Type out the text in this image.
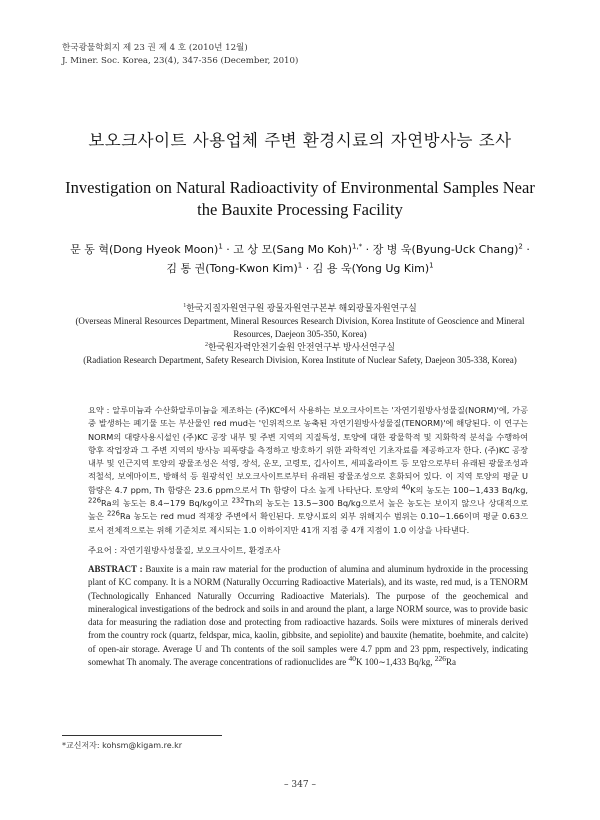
한국광물학회지 제 23 권 제 4 호 (2010년 12월)
J. Miner. Soc. Korea, 23(4), 347-356 (December, 2010)
보오크사이트 사용업체 주변 환경시료의 자연방사능 조사
Investigation on Natural Radioactivity of Environmental Samples Near the Bauxite Processing Facility
문 동 혁(Dong Hyeok Moon)$^1$ · 고 상 모(Sang Mo Koh)$^{1,*}$ · 장 병 욱(Byung-Uck Chang)$^2$ ·
김 통 권(Tong-Kwon Kim)$^1$ · 김 용 욱(Yong Ug Kim)$^1$
$^1$한국지질자원연구원 광물자원연구본부 해외광물자원연구실
(Overseas Mineral Resources Department, Mineral Resources Research Division, Korea Institute of Geoscience and Mineral Resources, Daejeon 305-350, Korea)
$^2$한국원자력안전기술원 안전연구부 방사선연구실
(Radiation Research Department, Safety Research Division, Korea Institute of Nuclear Safety, Daejeon 305-338, Korea)
요약 : 알루미늄과 수산화알루미늄을 제조하는 (주)KC에서 사용하는 보오크사이트는 '자연기원방사성물질(NORM)'에, 가공 중 발생하는 폐기물 또는 부산물인 red mud는 '인위적으로 농축된 자연기원방사성물질(TENORM)'에 해당된다. 이 연구는 NORM의 대량사용시설인 (주)KC 공장 내부 및 주변 지역의 지질특성, 토양에 대한 광물학적 및 지화학적 분석을 수행하여 향후 작업장과 그 주변 지역의 방사능 피폭량을 측정하고 방호하기 위한 과학적인 기초자료를 제공하고자 한다. (주)KC 공장 내부 및 인근지역 토양의 광물조성은 석영, 장석, 운모, 고령토, 깁사이트, 세피올라이트 등 모암으로부터 유래된 광물조성과 적철석, 보에마이트, 방해석 등 원광석인 보오크사이트로부터 유래된 광물조성으로 혼화되어 있다. 이 지역 토양의 평균 U 함량은 4.7 ppm, Th 함량은 23.6 ppm으로서 Th 함량이 다소 높게 나타난다. 토양의 $^{40}$K의 농도는 100∼1,433 Bq/kg, $^{226}$Ra의 농도는 8.4∼179 Bq/kg이고 $^{232}$Th의 농도는 13.5∼300 Bq/kg으로서 높은 농도는 보이지 않으나 상대적으로 높은 $^{226}$Ra 농도는 red mud 적재장 주변에서 확인된다. 토양시료의 외부 위해지수 범위는 0.10∼1.66이며 평균 0.63으로서 전체적으로는 위해 기준치로 제시되는 1.0 이하이지만 41개 지점 중 4개 지점이 1.0 이상을 나타낸다.
주요어 : 자연기원방사성물질, 보오크사이트, 환경조사
ABSTRACT : Bauxite is a main raw material for the production of alumina and aluminum hydroxide in the processing plant of KC company. It is a NORM (Naturally Occurring Radioactive Materials), and its waste, red mud, is a TENORM (Technologically Enhanced Naturally Occurring Radioactive Materials). The purpose of the geochemical and mineralogical investigations of the bedrock and soils in and around the plant, a large NORM source, was to provide basic data for measuring the radiation dose and protecting from radioactive hazards. Soils were mixtures of minerals derived from the country rock (quartz, feldspar, mica, kaolin, gibbsite, and sepiolite) and bauxite (hematite, boehmite, and calcite) of open-air storage. Average U and Th contents of the soil samples were 4.7 ppm and 23 ppm, respectively, indicating somewhat Th anomaly. The average concentrations of radionuclides are $^{40}$K 100∼1,433 Bq/kg, $^{226}$Ra
*교신저자: kohsm@kigam.re.kr
– 347 –
